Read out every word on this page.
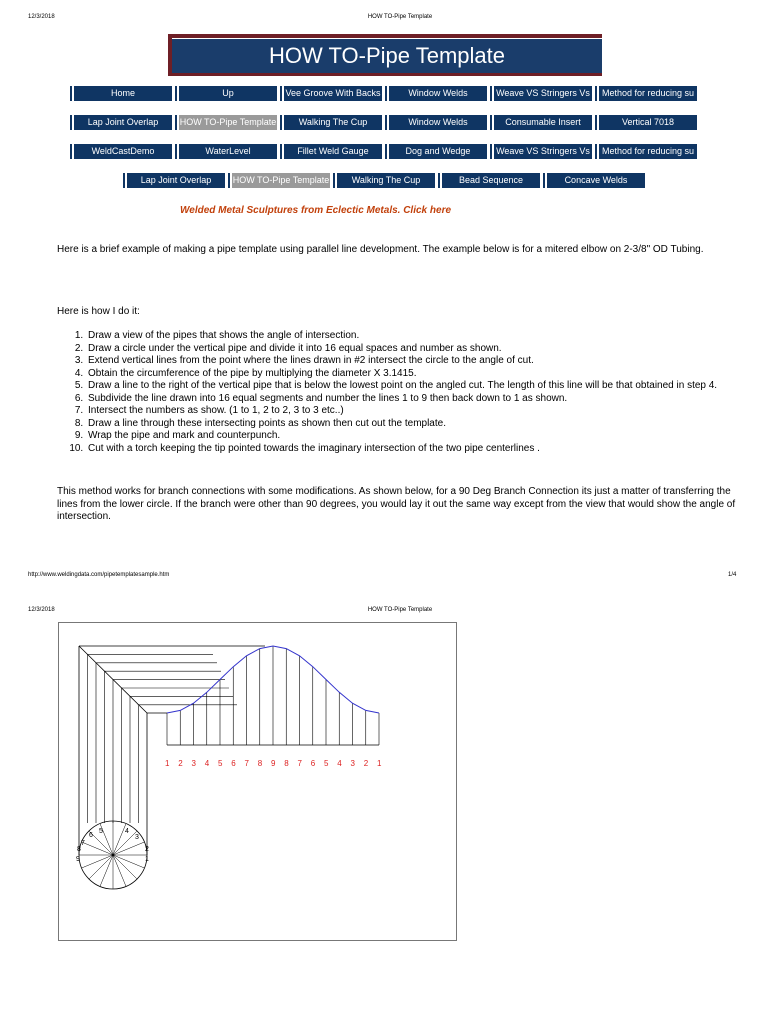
12/3/2018	HOW TO-Pipe Template
HOW TO-Pipe Template
Home	Up	Vee Groove With Backs	Window Welds	Weave VS Stringers Vs	Method for reducing su
Lap Joint Overlap	HOW TO-Pipe Template	Walking The Cup	Window Welds	Consumable Insert	Vertical 7018
WeldCastDemo	WaterLevel	Fillet Weld Gauge	Dog and Wedge	Weave VS Stringers Vs	Method for reducing su
Lap Joint Overlap	HOW TO-Pipe Template	Walking The Cup	Bead Sequence	Concave Welds
Welded Metal Sculptures from Eclectic Metals. Click here
Here is a brief example of making a pipe template using parallel line development. The example below is for a mitered elbow on 2-3/8" OD Tubing.
Here is how I do it:
1. Draw a view of the pipes that shows the angle of intersection.
2. Draw a circle under the vertical pipe and divide it into 16 equal spaces and number as shown.
3. Extend vertical lines from the point where the lines drawn in #2 intersect the circle to the angle of cut.
4. Obtain the circumference of the pipe by multiplying the diameter X 3.1415.
5. Draw a line to the right of the vertical pipe that is below the lowest point on the angled cut. The length of this line will be that obtained in step 4.
6. Subdivide the line drawn into 16 equal segments and number the lines 1 to 9 then back down to 1 as shown.
7. Intersect the numbers as show. (1 to 1, 2 to 2, 3 to 3 etc..)
8. Draw a line through these intersecting points as shown then cut out the template.
9. Wrap the pipe and mark and counterpunch.
10. Cut with a torch keeping the tip pointed towards the imaginary intersection of the two pipe centerlines .
This method works for branch connections with some modifications. As shown below, for a 90 Deg Branch Connection its just a matter of transferring the lines from the lower circle. If the branch were other than 90 degrees, you would lay it out the same way except from the view that would show the angle of intersection.
http://www.weldingdata.com/pipetemplatesample.htm	1/4
12/3/2018	HOW TO-Pipe Template
1 2 3 4 5 6 7 8 9 8 7 6 5 4 3 2 1
9
8
7
6
5	4
3
2
1
